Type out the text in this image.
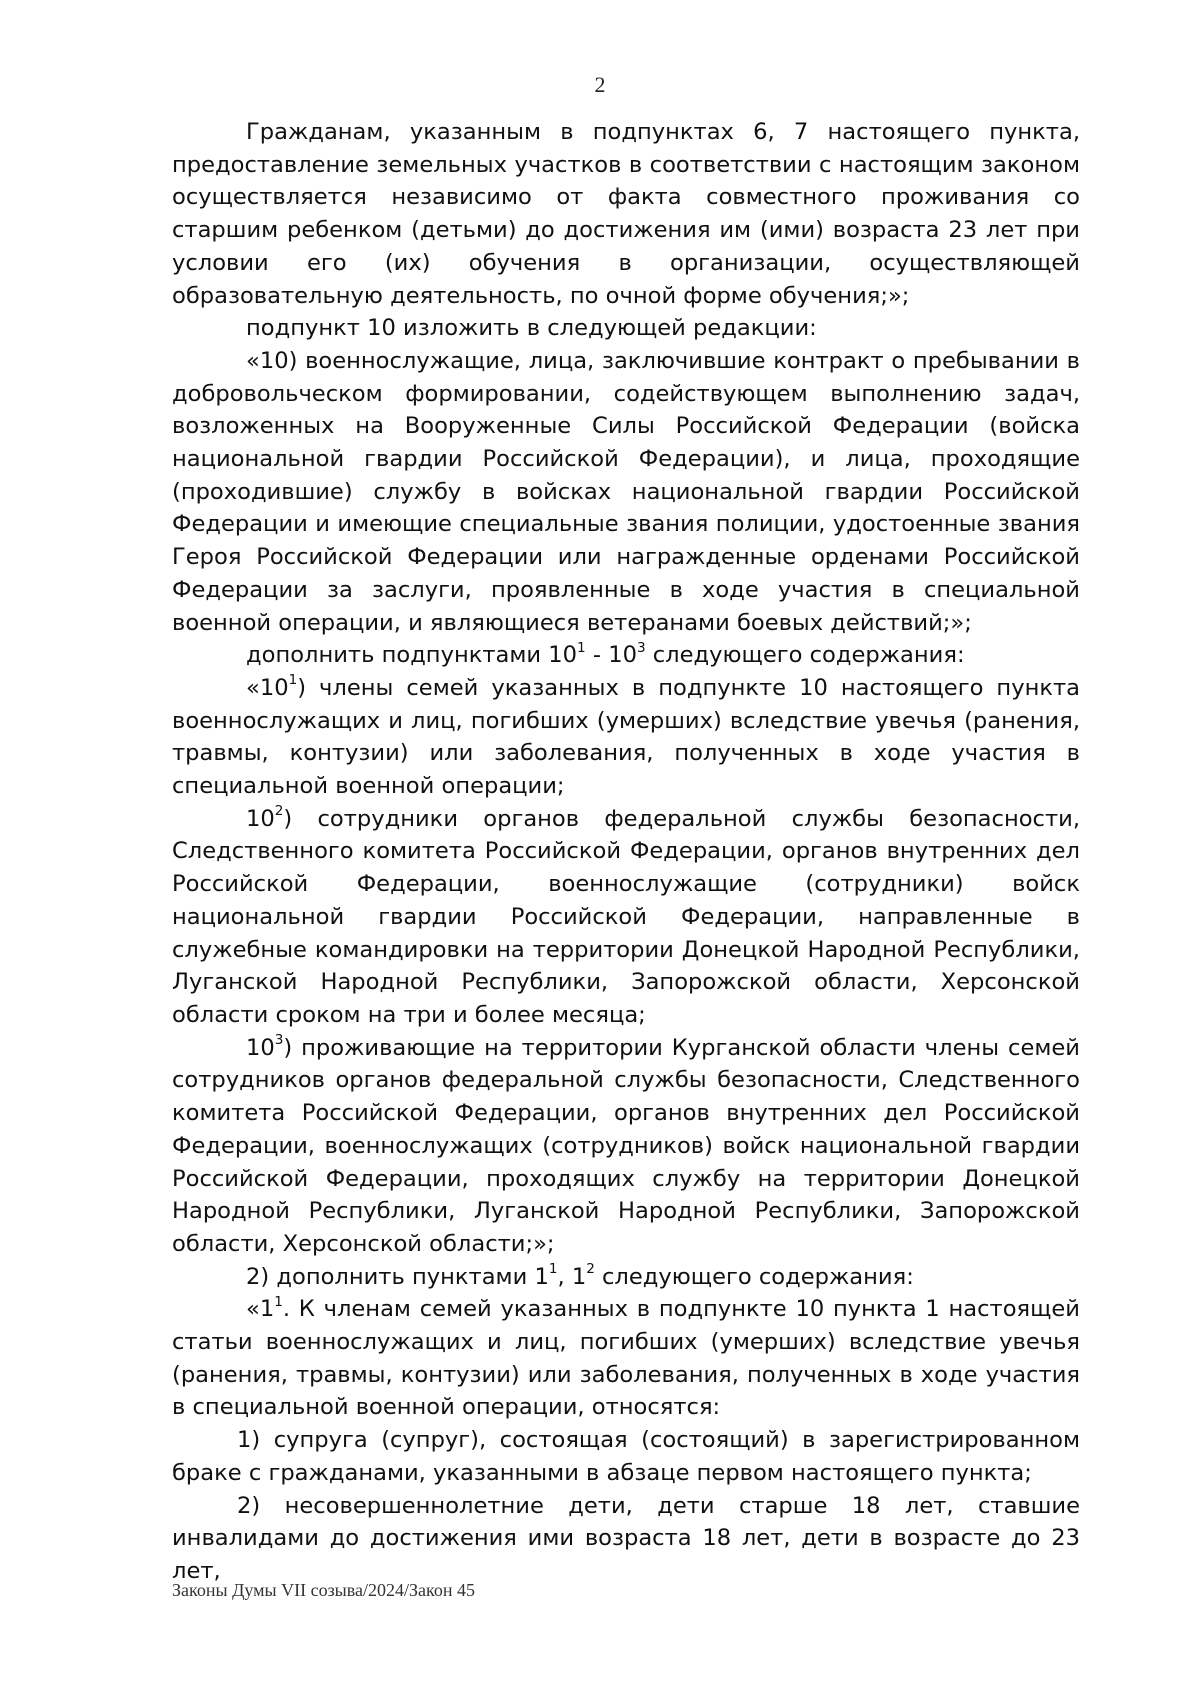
2

Гражданам, указанным в подпунктах 6, 7 настоящего пункта, предоставление земельных участков в соответствии с настоящим законом осуществляется независимо от факта совместного проживания со старшим ребенком (детьми) до достижения им (ими) возраста 23 лет при условии его (их) обучения в организации, осуществляющей образовательную деятельность, по очной форме обучения;»;

подпункт 10 изложить в следующей редакции:

«10) военнослужащие, лица, заключившие контракт о пребывании в добровольческом формировании, содействующем выполнению задач, возложенных на Вооруженные Силы Российской Федерации (войска национальной гвардии Российской Федерации), и лица, проходящие (проходившие) службу в войсках национальной гвардии Российской Федерации и имеющие специальные звания полиции, удостоенные звания Героя Российской Федерации или награжденные орденами Российской Федерации за заслуги, проявленные в ходе участия в специальной военной операции, и являющиеся ветеранами боевых действий;»;

дополнить подпунктами $10^1 - 10^3$ следующего содержания:

«$10^1$) члены семей указанных в подпункте 10 настоящего пункта военнослужащих и лиц, погибших (умерших) вследствие увечья (ранения, травмы, контузии) или заболевания, полученных в ходе участия в специальной военной операции;

$10^2$) сотрудники органов федеральной службы безопасности, Следственного комитета Российской Федерации, органов внутренних дел Российской Федерации, военнослужащие (сотрудники) войск национальной гвардии Российской Федерации, направленные в служебные командировки на территории Донецкой Народной Республики, Луганской Народной Республики, Запорожской области, Херсонской области сроком на три и более месяца;

$10^3$) проживающие на территории Курганской области члены семей сотрудников органов федеральной службы безопасности, Следственного комитета Российской Федерации, органов внутренних дел Российской Федерации, военнослужащих (сотрудников) войск национальной гвардии Российской Федерации, проходящих службу на территории Донецкой Народной Республики, Луганской Народной Республики, Запорожской области, Херсонской области;»;

2) дополнить пунктами $1^1$, $1^2$ следующего содержания:

«$1^1$. К членам семей указанных в подпункте 10 пункта 1 настоящей статьи военнослужащих и лиц, погибших (умерших) вследствие увечья (ранения, травмы, контузии) или заболевания, полученных в ходе участия в специальной военной операции, относятся:

1) супруга (супруг), состоящая (состоящий) в зарегистрированном браке с гражданами, указанными в абзаце первом настоящего пункта;

2) несовершеннолетние дети, дети старше 18 лет, ставшие инвалидами до достижения ими возраста 18 лет, дети в возрасте до 23 лет,

Законы Думы VII созыва/2024/Закон 45
